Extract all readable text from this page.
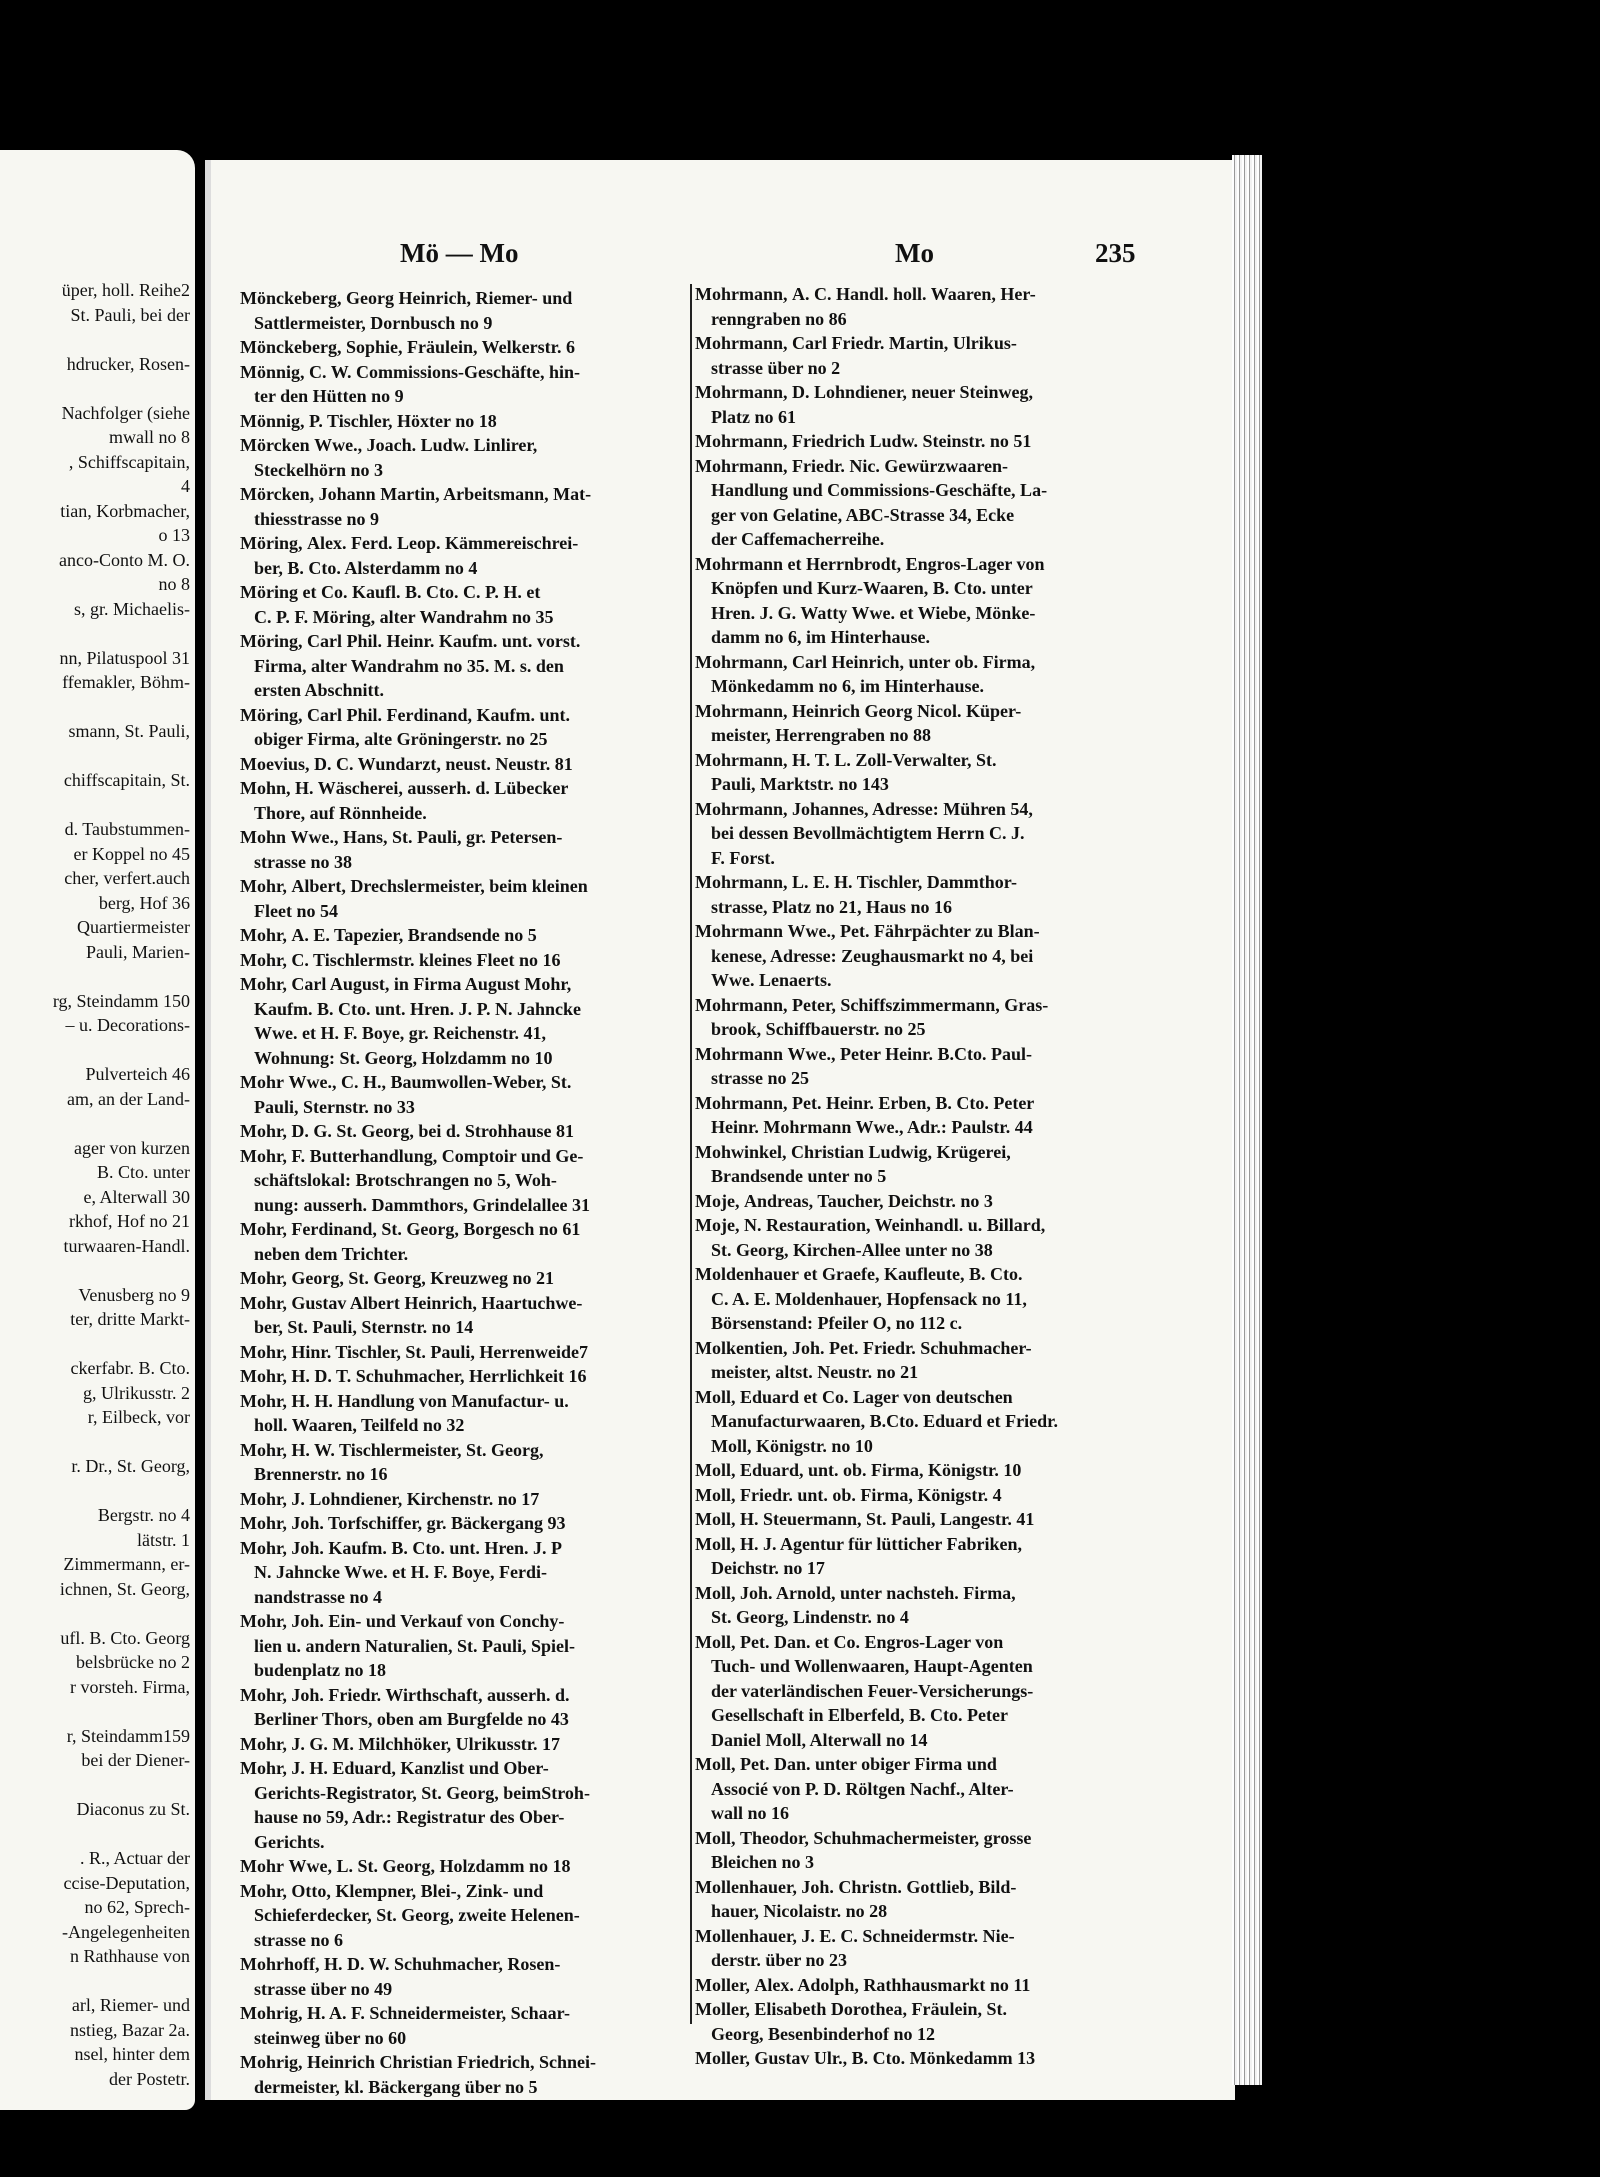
üper, holl. Reihe2
St. Pauli, bei der
hdrucker, Rosen-
Nachfolger (siehe
mwall no 8
, Schiffscapitain,
4
tian, Korbmacher,
o 13
anco-Conto M. O.
no 8
s, gr. Michaelis-
nn, Pilatuspool 31
ffemakler, Böhm-
smann, St. Pauli,
chiffscapitain, St.
d. Taubstummen-
er Koppel no 45
cher, verfert.auch
berg, Hof 36
Quartiermeister
Pauli, Marien-
rg, Steindamm 150
– u. Decorations-
Pulverteich 46
am, an der Land-
ager von kurzen
B. Cto. unter
e, Alterwall 30
rkhof, Hof no 21
turwaaren-Handl.
Venusberg no 9
ter, dritte Markt-
ckerfabr. B. Cto.
g, Ulrikusstr. 2
r, Eilbeck, vor
r. Dr., St. Georg,
Bergstr. no 4
lätstr. 1
Zimmermann, er-
ichnen, St. Georg,
ufl. B. Cto. Georg
belsbrücke no 2
r vorsteh. Firma,
r, Steindamm159
bei der Diener-
Diaconus zu St.
. R., Actuar der
ccise-Deputation,
no 62, Sprech-
-Angelegenheiten
n Rathhause von
arl, Riemer- und
nstieg, Bazar 2a.
nsel, hinter dem
der Postetr.
Mö — Mo	Mo	235
Mönckeberg, Georg Heinrich, Riemer- und
Sattlermeister, Dornbusch no 9
Mönckeberg, Sophie, Fräulein, Welkerstr. 6
Mönnig, C. W. Commissions-Geschäfte, hin-
ter den Hütten no 9
Mönnig, P. Tischler, Höxter no 18
Mörcken Wwe., Joach. Ludw. Linlirer,
Steckelhörn no 3
Mörcken, Johann Martin, Arbeitsmann, Mat-
thiesstrasse no 9
Möring, Alex. Ferd. Leop. Kämmereischrei-
ber, B. Cto. Alsterdamm no 4
Möring et Co. Kaufl. B. Cto. C. P. H. et
C. P. F. Möring, alter Wandrahm no 35
Möring, Carl Phil. Heinr. Kaufm. unt. vorst.
Firma, alter Wandrahm no 35. M. s. den
ersten Abschnitt.
Möring, Carl Phil. Ferdinand, Kaufm. unt.
obiger Firma, alte Gröningerstr. no 25
Moevius, D. C. Wundarzt, neust. Neustr. 81
Mohn, H. Wäscherei, ausserh. d. Lübecker
Thore, auf Rönnheide.
Mohn Wwe., Hans, St. Pauli, gr. Petersen-
strasse no 38
Mohr, Albert, Drechslermeister, beim kleinen
Fleet no 54
Mohr, A. E. Tapezier, Brandsende no 5
Mohr, C. Tischlermstr. kleines Fleet no 16
Mohr, Carl August, in Firma August Mohr,
Kaufm. B. Cto. unt. Hren. J. P. N. Jahncke
Wwe. et H. F. Boye, gr. Reichenstr. 41,
Wohnung: St. Georg, Holzdamm no 10
Mohr Wwe., C. H., Baumwollen-Weber, St.
Pauli, Sternstr. no 33
Mohr, D. G. St. Georg, bei d. Strohhause 81
Mohr, F. Butterhandlung, Comptoir und Ge-
schäftslokal: Brotschrangen no 5, Woh-
nung: ausserh. Dammthors, Grindelallee 31
Mohr, Ferdinand, St. Georg, Borgesch no 61
neben dem Trichter.
Mohr, Georg, St. Georg, Kreuzweg no 21
Mohr, Gustav Albert Heinrich, Haartuchwe-
ber, St. Pauli, Sternstr. no 14
Mohr, Hinr. Tischler, St. Pauli, Herrenweide7
Mohr, H. D. T. Schuhmacher, Herrlichkeit 16
Mohr, H. H. Handlung von Manufactur- u.
holl. Waaren, Teilfeld no 32
Mohr, H. W. Tischlermeister, St. Georg,
Brennerstr. no 16
Mohr, J. Lohndiener, Kirchenstr. no 17
Mohr, Joh. Torfschiffer, gr. Bäckergang 93
Mohr, Joh. Kaufm. B. Cto. unt. Hren. J. P
N. Jahncke Wwe. et H. F. Boye, Ferdi-
nandstrasse no 4
Mohr, Joh. Ein- und Verkauf von Conchy-
lien u. andern Naturalien, St. Pauli, Spiel-
budenplatz no 18
Mohr, Joh. Friedr. Wirthschaft, ausserh. d.
Berliner Thors, oben am Burgfelde no 43
Mohr, J. G. M. Milchhöker, Ulrikusstr. 17
Mohr, J. H. Eduard, Kanzlist und Ober-
Gerichts-Registrator, St. Georg, beimStroh-
hause no 59, Adr.: Registratur des Ober-
Gerichts.
Mohr Wwe, L. St. Georg, Holzdamm no 18
Mohr, Otto, Klempner, Blei-, Zink- und
Schieferdecker, St. Georg, zweite Helenen-
strasse no 6
Mohrhoff, H. D. W. Schuhmacher, Rosen-
strasse über no 49
Mohrig, H. A. F. Schneidermeister, Schaar-
steinweg über no 60
Mohrig, Heinrich Christian Friedrich, Schnei-
dermeister, kl. Bäckergang über no 5
Mohrmann, A. C. Handl. holl. Waaren, Her-
renngraben no 86
Mohrmann, Carl Friedr. Martin, Ulrikus-
strasse über no 2
Mohrmann, D. Lohndiener, neuer Steinweg,
Platz no 61
Mohrmann, Friedrich Ludw. Steinstr. no 51
Mohrmann, Friedr. Nic. Gewürzwaaren-
Handlung und Commissions-Geschäfte, La-
ger von Gelatine, ABC-Strasse 34, Ecke
der Caffemacherreihe.
Mohrmann et Herrnbrodt, Engros-Lager von
Knöpfen und Kurz-Waaren, B. Cto. unter
Hren. J. G. Watty Wwe. et Wiebe, Mönke-
damm no 6, im Hinterhause.
Mohrmann, Carl Heinrich, unter ob. Firma,
Mönkedamm no 6, im Hinterhause.
Mohrmann, Heinrich Georg Nicol. Küper-
meister, Herrengraben no 88
Mohrmann, H. T. L. Zoll-Verwalter, St.
Pauli, Marktstr. no 143
Mohrmann, Johannes, Adresse: Mühren 54,
bei dessen Bevollmächtigtem Herrn C. J.
F. Forst.
Mohrmann, L. E. H. Tischler, Dammthor-
strasse, Platz no 21, Haus no 16
Mohrmann Wwe., Pet. Fährpächter zu Blan-
kenese, Adresse: Zeughausmarkt no 4, bei
Wwe. Lenaerts.
Mohrmann, Peter, Schiffszimmermann, Gras-
brook, Schiffbauerstr. no 25
Mohrmann Wwe., Peter Heinr. B.Cto. Paul-
strasse no 25
Mohrmann, Pet. Heinr. Erben, B. Cto. Peter
Heinr. Mohrmann Wwe., Adr.: Paulstr. 44
Mohwinkel, Christian Ludwig, Krügerei,
Brandsende unter no 5
Moje, Andreas, Taucher, Deichstr. no 3
Moje, N. Restauration, Weinhandl. u. Billard,
St. Georg, Kirchen-Allee unter no 38
Moldenhauer et Graefe, Kaufleute, B. Cto.
C. A. E. Moldenhauer, Hopfensack no 11,
Börsenstand: Pfeiler O, no 112 c.
Molkentien, Joh. Pet. Friedr. Schuhmacher-
meister, altst. Neustr. no 21
Moll, Eduard et Co. Lager von deutschen
Manufacturwaaren, B.Cto. Eduard et Friedr.
Moll, Königstr. no 10
Moll, Eduard, unt. ob. Firma, Königstr. 10
Moll, Friedr. unt. ob. Firma, Königstr. 4
Moll, H. Steuermann, St. Pauli, Langestr. 41
Moll, H. J. Agentur für lütticher Fabriken,
Deichstr. no 17
Moll, Joh. Arnold, unter nachsteh. Firma,
St. Georg, Lindenstr. no 4
Moll, Pet. Dan. et Co. Engros-Lager von
Tuch- und Wollenwaaren, Haupt-Agenten
der vaterländischen Feuer-Versicherungs-
Gesellschaft in Elberfeld, B. Cto. Peter
Daniel Moll, Alterwall no 14
Moll, Pet. Dan. unter obiger Firma und
Associé von P. D. Röltgen Nachf., Alter-
wall no 16
Moll, Theodor, Schuhmachermeister, grosse
Bleichen no 3
Mollenhauer, Joh. Christn. Gottlieb, Bild-
hauer, Nicolaistr. no 28
Mollenhauer, J. E. C. Schneidermstr. Nie-
derstr. über no 23
Moller, Alex. Adolph, Rathhausmarkt no 11
Moller, Elisabeth Dorothea, Fräulein, St.
Georg, Besenbinderhof no 12
Moller, Gustav Ulr., B. Cto. Mönkedamm 13
